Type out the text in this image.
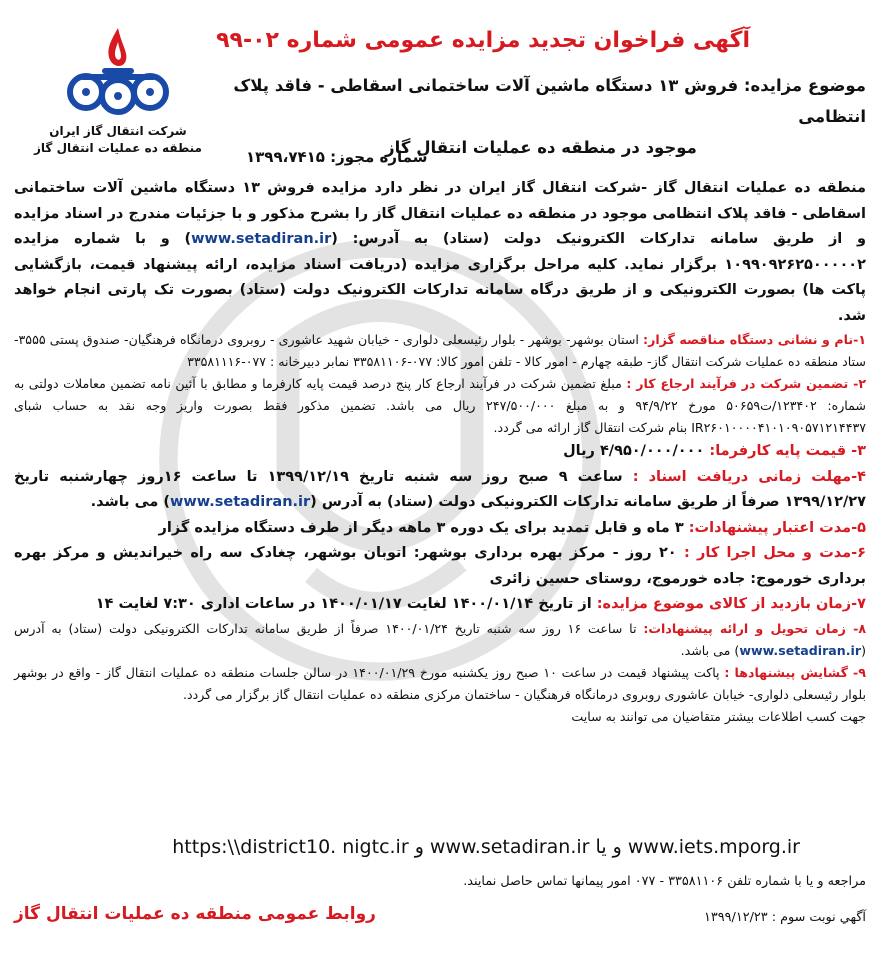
شرکت انتقال گاز ایران
منطقه ده عملیات انتقال گاز
آگهی فراخوان تجدید مزایده عمومی شماره ۰۲-۹۹
موضوع مزایده: فروش ۱۳ دستگاه ماشین آلات ساختمانی اسقاطی - فاقد پلاک انتظامی
موجود در منطقه ده عملیات انتقال گاز
شماره مجوز: ۱۳۹۹،۷۴۱۵

منطقه ده عملیات انتقال گاز -شرکت انتقال گاز ایران در نظر دارد مزایده فروش ۱۳ دستگاه ماشین آلات ساختمانی اسقاطی - فاقد پلاک انتظامی موجود در منطقه ده عملیات انتقال گاز را بشرح مذکور و با جزئیات مندرج در اسناد مزایده و از طریق سامانه تدارکات الکترونیک دولت (ستاد) به آدرس: (www.setadiran.ir) و با شماره مزایده ۱۰۹۹۰۹۲۶۲۵۰۰۰۰۰۲ برگزار نماید. کلیه مراحل برگزاری مزایده (دریافت اسناد مزایده، ارائه پیشنهاد قیمت، بازگشایی پاکت ها) بصورت الکترونیکی و از طریق درگاه سامانه تدارکات الکترونیک دولت (ستاد) بصورت تک پارتی انجام خواهد شد.

۱-نام و نشانی دستگاه مناقصه گزار: استان بوشهر- بوشهر - بلوار رئیسعلی دلواری - خیابان شهید عاشوری - روبروی درمانگاه فرهنگیان- صندوق پستی ۳۵۵۵- ستاد منطقه ده عملیات شرکت انتقال گاز- طبقه چهارم - امور کالا - تلفن امور کالا: ۰۷۷-۳۳۵۸۱۱۰۶ نمابر دبیرخانه : ۰۷۷-۳۳۵۸۱۱۱۶

۲- تضمین شرکت در فرآیند ارجاع کار : مبلغ تضمین شرکت در فرآیند ارجاع کار پنج درصد قیمت پایه کارفرما و مطابق با آئین نامه تضمین معاملات دولتی به شماره: ۱۲۳۴۰۲/ت۵۰۶۵۹ مورخ ۹۴/۹/۲۲ و به مبلغ ۲۴۷/۵۰۰/۰۰۰ ریال می باشد. تضمین مذکور فقط بصورت واریز وجه نقد به حساب شبای IR۲۶۰۱۰۰۰۰۴۱۰۱۰۹۰۵۷۱۲۱۴۴۳۷ بنام شرکت انتقال گاز ارائه می گردد.

۳- قیمت پایه کارفرما: ۴/۹۵۰/۰۰۰/۰۰۰ ریال

۴-مهلت زمانی دریافت اسناد : ساعت ۹ صبح روز سه شنبه تاریخ ۱۳۹۹/۱۲/۱۹ تا ساعت ۱۶روز چهارشنبه تاریخ ۱۳۹۹/۱۲/۲۷ صرفاً از طریق سامانه تدارکات الکترونیکی دولت (ستاد) به آدرس (www.setadiran.ir) می باشد.

۵-مدت اعتبار پیشنهادات: ۳ ماه و قابل تمدید برای یک دوره ۳ ماهه دیگر از طرف دستگاه مزایده گزار

۶-مدت و محل اجرا کار : ۲۰ روز - مرکز بهره برداری بوشهر: اتوبان بوشهر، چغادک سه راه خیراندیش و مرکز بهره برداری خورموج: جاده خورموج، روستای حسین زائری

۷-زمان بازدید از کالای موضوع مزایده: از تاریخ ۱۴۰۰/۰۱/۱۴ لغایت ۱۴۰۰/۰۱/۱۷ در ساعات اداری ۷:۳۰ لغایت ۱۴

۸- زمان تحویل و ارائه پیشنهادات: تا ساعت ۱۶ روز سه شنبه تاریخ ۱۴۰۰/۰۱/۲۴ صرفاً از طریق سامانه تدارکات الکترونیکی دولت (ستاد) به آدرس (www.setadiran.ir) می باشد.

۹- گشایش پیشنهادها : پاکت پیشنهاد قیمت در ساعت ۱۰ صبح روز یکشنبه مورخ ۱۴۰۰/۰۱/۲۹ در سالن جلسات منطقه ده عملیات انتقال گاز - واقع در بوشهر بلوار رئیسعلی دلواری- خیابان عاشوری روبروی درمانگاه فرهنگیان - ساختمان مرکزی منطقه ده عملیات انتقال گاز برگزار می گردد.

جهت کسب اطلاعات بیشتر متقاضیان می توانند به سایت

www.iets.mporg.ir و یا www.setadiran.ir و https:\\district10. nigtc.ir
مراجعه و یا با شماره تلفن ۳۳۵۸۱۱۰۶ - ۰۷۷ امور پیمانها تماس حاصل نمایند.
روابط عمومی منطقه ده عملیات انتقال گاز	آگهي نوبت سوم : ۱۳۹۹/۱۲/۲۳
